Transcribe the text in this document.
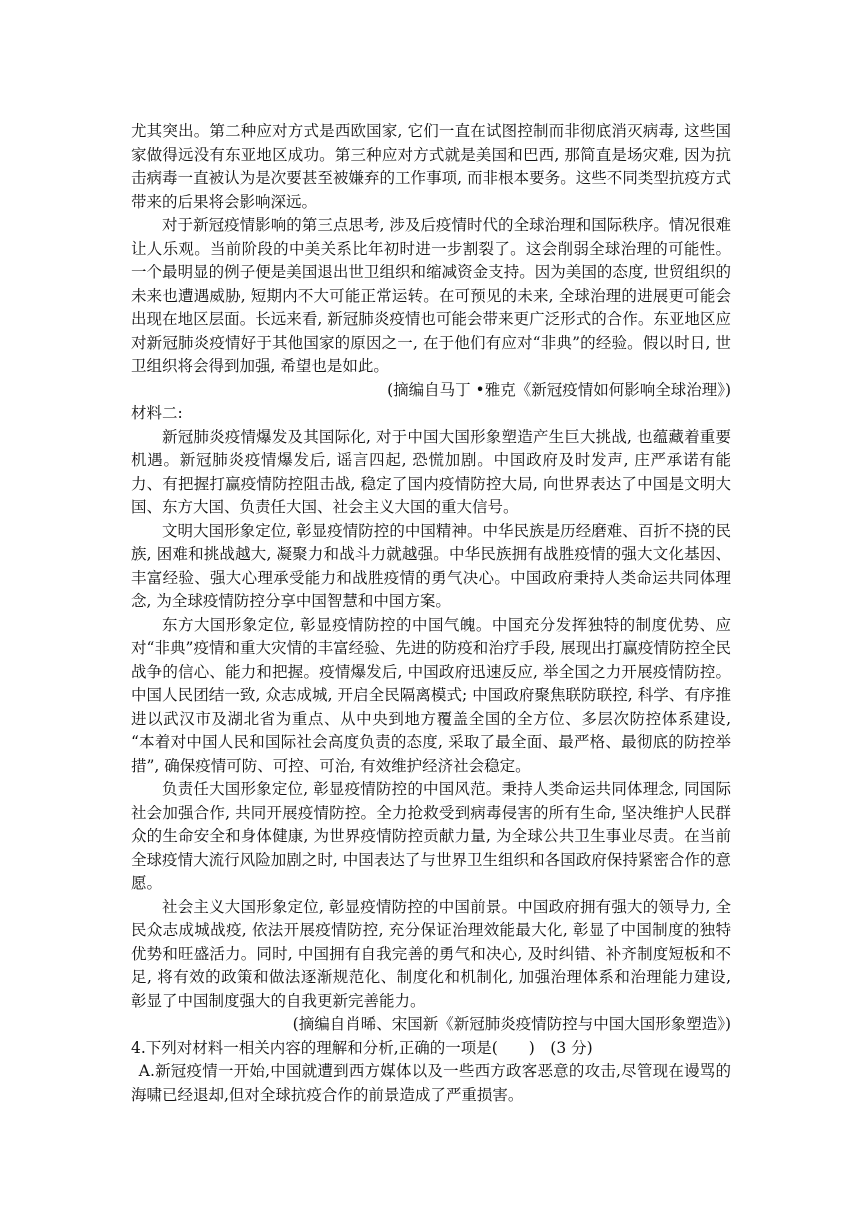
尤其突出。第二种应对方式是西欧国家, 它们一直在试图控制而非彻底消灭病毒, 这些国家做得远没有东亚地区成功。第三种应对方式就是美国和巴西, 那简直是场灾难, 因为抗击病毒一直被认为是次要甚至被嫌弃的工作事项, 而非根本要务。这些不同类型抗疫方式带来的后果将会影响深远。

对于新冠疫情影响的第三点思考, 涉及后疫情时代的全球治理和国际秩序。情况很难让人乐观。当前阶段的中美关系比年初时进一步割裂了。这会削弱全球治理的可能性。一个最明显的例子便是美国退出世卫组织和缩减资金支持。因为美国的态度, 世贸组织的未来也遭遇威胁, 短期内不大可能正常运转。在可预见的未来, 全球治理的进展更可能会出现在地区层面。长远来看, 新冠肺炎疫情也可能会带来更广泛形式的合作。东亚地区应对新冠肺炎疫情好于其他国家的原因之一, 在于他们有应对“非典”的经验。假以时日, 世卫组织将会得到加强, 希望也是如此。

(摘编自马丁 •雅克《新冠疫情如何影响全球治理》)

材料二:

新冠肺炎疫情爆发及其国际化, 对于中国大国形象塑造产生巨大挑战, 也蕴藏着重要机遇。新冠肺炎疫情爆发后, 谣言四起, 恐慌加剧。中国政府及时发声, 庄严承诺有能力、有把握打赢疫情防控阻击战, 稳定了国内疫情防控大局, 向世界表达了中国是文明大国、东方大国、负责任大国、社会主义大国的重大信号。

文明大国形象定位, 彰显疫情防控的中国精神。中华民族是历经磨难、百折不挠的民族, 困难和挑战越大, 凝聚力和战斗力就越强。中华民族拥有战胜疫情的强大文化基因、丰富经验、强大心理承受能力和战胜疫情的勇气决心。中国政府秉持人类命运共同体理念, 为全球疫情防控分享中国智慧和中国方案。

东方大国形象定位, 彰显疫情防控的中国气魄。中国充分发挥独特的制度优势、应对“非典”疫情和重大灾情的丰富经验、先进的防疫和治疗手段, 展现出打赢疫情防控全民战争的信心、能力和把握。疫情爆发后, 中国政府迅速反应, 举全国之力开展疫情防控。中国人民团结一致, 众志成城, 开启全民隔离模式; 中国政府聚焦联防联控, 科学、有序推进以武汉市及湖北省为重点、从中央到地方覆盖全国的全方位、多层次防控体系建设, “本着对中国人民和国际社会高度负责的态度, 采取了最全面、最严格、最彻底的防控举措”, 确保疫情可防、可控、可治, 有效维护经济社会稳定。

负责任大国形象定位, 彰显疫情防控的中国风范。秉持人类命运共同体理念, 同国际社会加强合作, 共同开展疫情防控。全力抢救受到病毒侵害的所有生命, 坚决维护人民群众的生命安全和身体健康, 为世界疫情防控贡献力量, 为全球公共卫生事业尽责。在当前全球疫情大流行风险加剧之时, 中国表达了与世界卫生组织和各国政府保持紧密合作的意愿。

社会主义大国形象定位, 彰显疫情防控的中国前景。中国政府拥有强大的领导力, 全民众志成城战疫, 依法开展疫情防控, 充分保证治理效能最大化, 彰显了中国制度的独特优势和旺盛活力。同时, 中国拥有自我完善的勇气和决心, 及时纠错、补齐制度短板和不足, 将有效的政策和做法逐渐规范化、制度化和机制化, 加强治理体系和治理能力建设, 彰显了中国制度强大的自我更新完善能力。

(摘编自肖晞、宋国新《新冠肺炎疫情防控与中国大国形象塑造》)

4.下列对材料一相关内容的理解和分析,正确的一项是(　　)　(3 分)

A.新冠疫情一开始,中国就遭到西方媒体以及一些西方政客恶意的攻击,尽管现在谩骂的海啸已经退却,但对全球抗疫合作的前景造成了严重损害。
